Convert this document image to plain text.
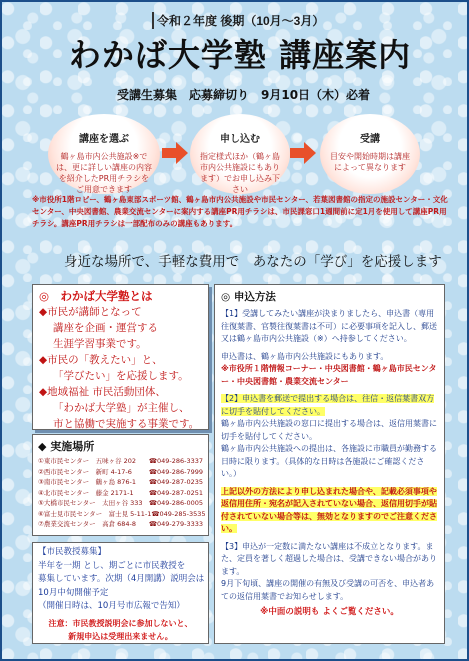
令和２年度 後期（10月～3月）
わかば大学塾 講座案内
受講生募集　応募締切り　9月10日（木）必着
講座を選ぶ
鶴ヶ島市内公共施設※では、更に詳しい講座の内容を紹介したPR用チラシをご用意できます
申し込む
指定様式ほか（鶴ヶ島市内公共施設にもあります）でお申し込み下さい
受講
目安や開始時期は講座によって異なります
※市役所1階ロビー、鶴ヶ島東部スポーツ館、鶴ヶ島市内公共施設や市民センター、若葉図書館の指定の施設センター・文化センター、中央図書館、農業交流センターに案内する講座PR用チラシは、市民課窓口1週間前に定1月を使用して講座PR用チラシ。講座PR用チラシは一部配布のみの講座もあります。
身近な場所で、手軽な費用で　あなたの「学び」を応援します
◎　わかば大学塾とは
◆市民が講師となって
講座を企画・運営する
生涯学習事業です。
◆市民の「教えたい」と、
「学びたい」を応援します。
◆地域福祉 市民活動団体、
「わかば大学塾」が主催し、
市と協働で実施する事業です。
◆ 実施場所
①東市民センター　五味ヶ谷 202 ☎049-286-3337
②西市民センター　新町 4-17-6	☎049-286-7999
③南市民センター　鶴ヶ島 876-1 ☎049-287-0235
④北市民センター　藤金 2171-1 ☎049-287-0251
⑤大橋市民センター　太田ヶ谷 333 ☎049-286-0005
⑥富士見市民センター　富士見 5-11-1 ☎049-285-3535
⑦農業交流センター　高倉 684-8 ☎049-279-3333
【市民教授募集】
半年を一期 とし、期ごとに市民教授を
募集しています。次期（4月開講）説明会は
10月中旬開催予定
（開催日時は、10月号市広報で告知）
注意：市民教授説明会に参加しないと、
新規申込は受理出来ません。
◎ 申込方法
【1】受講してみたい講座が決まりましたら、申込書（専用往復葉書、官製往復葉書は不可）に必要事項を記入し、郵送又は鶴ヶ島市内公共施設（※）へ持参してください。
申込書は、鶴ヶ島市内公共施設にもあります。
※市役所１階情報コーナー・中央図書館・鶴ヶ島市民センター・中央図書館・農業交流センター
【2】申込書を郵送で提出する場合は、往信・返信葉書双方に切手を貼付してください。
鶴ヶ島市内公共施設の窓口に提出する場合は、返信用葉書に切手を貼付してください。
鶴ヶ島市内公共施設への提出は、各施設に市職員が勤務する日時に限ります。（具体的な日時は各施設にご確認ください。）
上記以外の方法により申し込まれた場合や、記載必須事項や返信用住所・宛名が記入されていない場合、返信用切手が貼付されていない場合等は、無効となりますのでご注意ください。
【3】申込が一定数に満たない講座は不成立となります。また、定員を著しく超過した場合は、受講できない場合があります。
9月下旬頃、講座の開催の有無及び受講の可否を、申込者あての返信用葉書でお知らせします。
※中面の説明も よくご覧ください。
